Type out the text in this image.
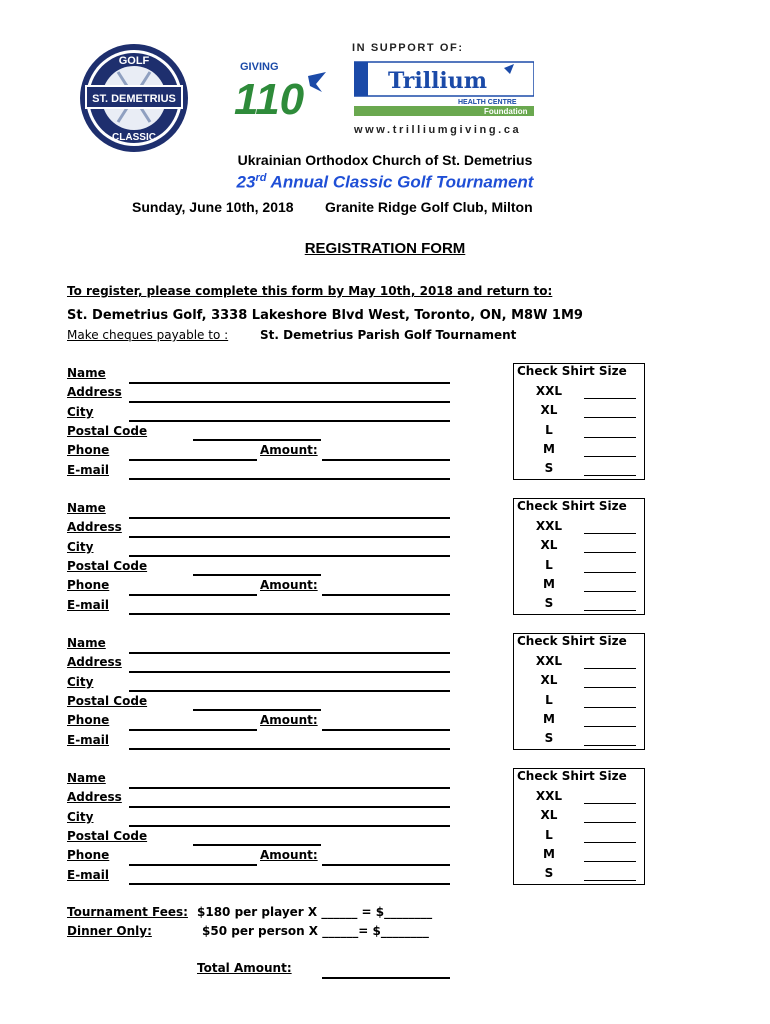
ST. DEMETRIUS
GOLF
CLASSIC
GIVING
110
IN SUPPORT OF:
Trillium
HEALTH CENTRE
Foundation
www.trilliumgiving.ca
Ukrainian Orthodox Church of St. Demetrius
23rd Annual Classic Golf Tournament
Sunday, June 10th, 2018 Granite Ridge Golf Club, Milton
REGISTRATION FORM
To register, please complete this form by May 10th, 2018 and return to:
St. Demetrius Golf, 3338 Lakeshore Blvd West, Toronto, ON, M8W 1M9
Make cheques payable to :	St. Demetrius Parish Golf Tournament
Name
Address
City
Postal Code
Phone
E-mail
Amount:
Check Shirt Size
XXL
XL
L
M
S
Name
Address
City
Postal Code
Phone
E-mail
Amount:
Check Shirt Size
XXL
XL
L
M
S
Name
Address
City
Postal Code
Phone
E-mail
Amount:
Check Shirt Size
XXL
XL
L
M
S
Name
Address
City
Postal Code
Phone
E-mail
Amount:
Check Shirt Size
XXL
XL
L
M
S
Tournament Fees: $180 per player X ______ = $________
Dinner Only:	$50 per person X ______= $________
Total Amount:
